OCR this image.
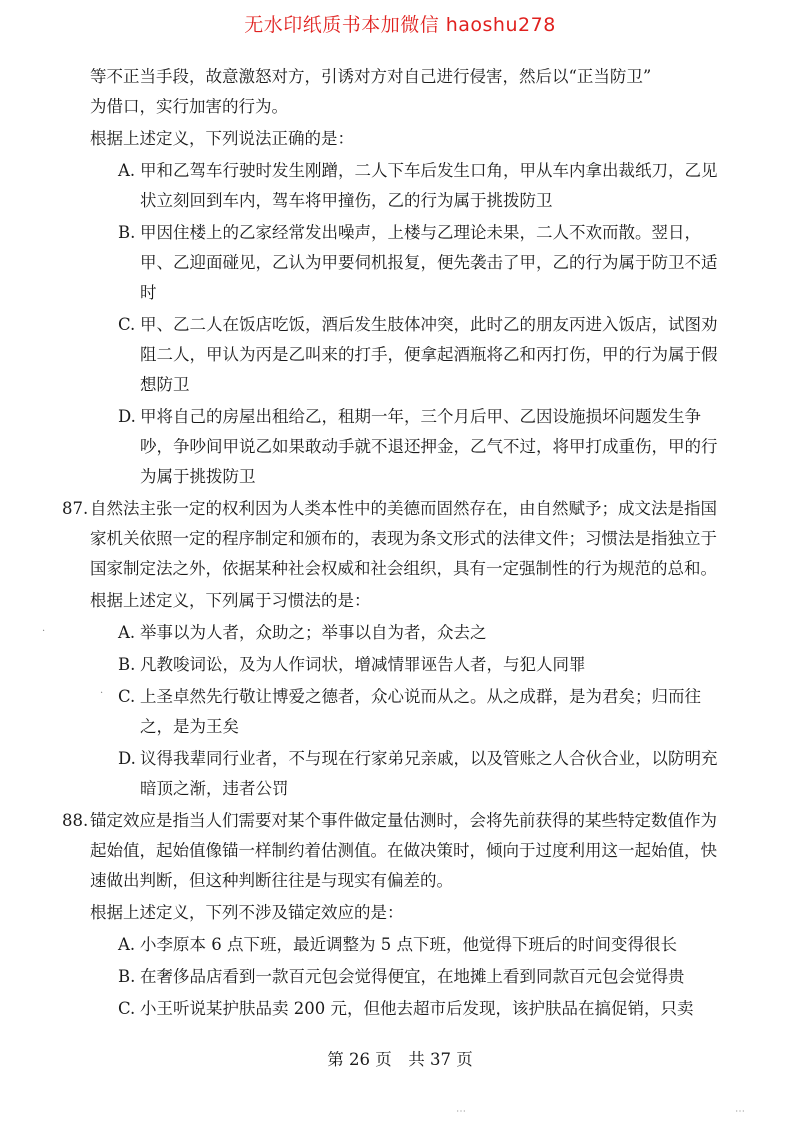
无水印纸质书本加微信 haoshu278

等不正当手段，故意激怒对方，引诱对方对自己进行侵害，然后以“正当防卫”

为借口，实行加害的行为。

根据上述定义，下列说法正确的是：

A. 甲和乙驾车行驶时发生刚蹭，二人下车后发生口角，甲从车内拿出裁纸刀，乙见状立刻回到车内，驾车将甲撞伤，乙的行为属于挑拨防卫
B. 甲因住楼上的乙家经常发出噪声，上楼与乙理论未果，二人不欢而散。翌日，甲、乙迎面碰见，乙认为甲要伺机报复，便先袭击了甲，乙的行为属于防卫不适时
C. 甲、乙二人在饭店吃饭，酒后发生肢体冲突，此时乙的朋友丙进入饭店，试图劝阻二人，甲认为丙是乙叫来的打手，便拿起酒瓶将乙和丙打伤，甲的行为属于假想防卫
D. 甲将自己的房屋出租给乙，租期一年，三个月后甲、乙因设施损坏问题发生争吵，争吵间甲说乙如果敢动手就不退还押金，乙气不过，将甲打成重伤，甲的行为属于挑拨防卫
87. 自然法主张一定的权利因为人类本性中的美德而固然存在，由自然赋予；成文法是指国家机关依照一定的程序制定和颁布的，表现为条文形式的法律文件；习惯法是指独立于国家制定法之外，依据某种社会权威和社会组织，具有一定强制性的行为规范的总和。

根据上述定义，下列属于习惯法的是：

A. 举事以为人者，众助之；举事以自为者，众去之
B. 凡教唆词讼，及为人作词状，增减情罪诬告人者，与犯人同罪
C. 上圣卓然先行敬让博爱之德者，众心说而从之。从之成群，是为君矣；归而往之，是为王矣
D. 议得我辈同行业者，不与现在行家弟兄亲戚，以及管账之人合伙合业，以防明充暗顶之渐，违者公罚
88. 锚定效应是指当人们需要对某个事件做定量估测时，会将先前获得的某些特定数值作为起始值，起始值像锚一样制约着估测值。在做决策时，倾向于过度利用这一起始值，快速做出判断，但这种判断往往是与现实有偏差的。

根据上述定义，下列不涉及锚定效应的是：

A. 小李原本 6 点下班，最近调整为 5 点下班，他觉得下班后的时间变得很长
B. 在奢侈品店看到一款百元包会觉得便宜，在地摊上看到同款百元包会觉得贵
C. 小王听说某护肤品卖 200 元，但他去超市后发现，该护肤品在搞促销，只卖
第 26 页　共 37 页
·
·
⋯	⋯
